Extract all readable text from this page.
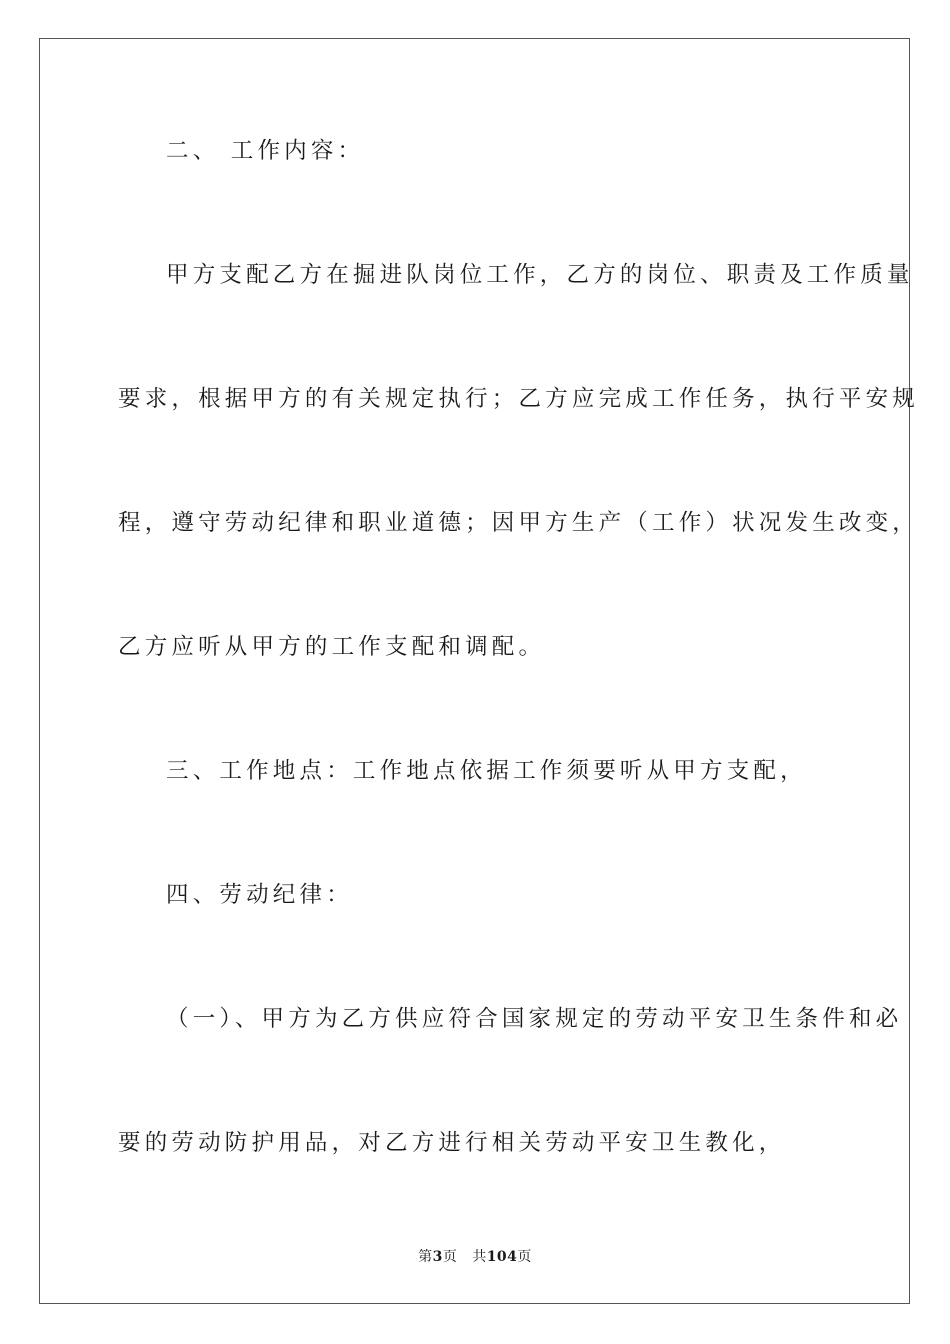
二、 工作内容：
甲方支配乙方在掘进队岗位工作，乙方的岗位、职责及工作质量
要求，根据甲方的有关规定执行；乙方应完成工作任务，执行平安规
程，遵守劳动纪律和职业道德；因甲方生产（工作）状况发生改变，
乙方应听从甲方的工作支配和调配。
三、工作地点：工作地点依据工作须要听从甲方支配，
四、劳动纪律：
（一）、甲方为乙方供应符合国家规定的劳动平安卫生条件和必
要的劳动防护用品，对乙方进行相关劳动平安卫生教化，
第3页 共104页
